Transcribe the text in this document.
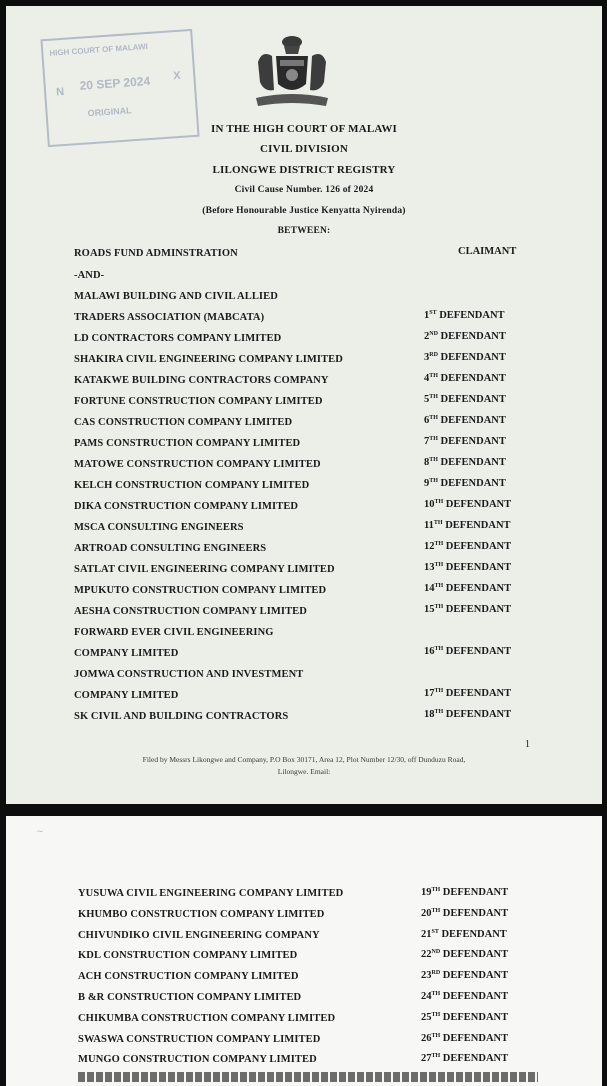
HIGH COURT OF MALAWI
N 20 SEP 2024 X
ORIGINAL
IN THE HIGH COURT OF MALAWI
CIVIL DIVISION
LILONGWE DISTRICT REGISTRY
Civil Cause Number. 126 of 2024
(Before Honourable Justice Kenyatta Nyirenda)
BETWEEN:
ROADS FUND ADMINSTRATION	CLAIMANT
-AND-
MALAWI BUILDING AND CIVIL ALLIED
TRADERS ASSOCIATION (MABCATA)	1ST DEFENDANT
LD CONTRACTORS COMPANY LIMITED	2ND DEFENDANT
SHAKIRA CIVIL ENGINEERING COMPANY LIMITED	3RD DEFENDANT
KATAKWE BUILDING CONTRACTORS COMPANY	4TH DEFENDANT
FORTUNE CONSTRUCTION COMPANY LIMITED	5TH DEFENDANT
CAS CONSTRUCTION COMPANY LIMITED	6TH DEFENDANT
PAMS CONSTRUCTION COMPANY LIMITED	7TH DEFENDANT
MATOWE CONSTRUCTION COMPANY LIMITED	8TH DEFENDANT
KELCH CONSTRUCTION COMPANY LIMITED	9TH DEFENDANT
DIKA CONSTRUCTION COMPANY LIMITED	10TH DEFENDANT
MSCA CONSULTING ENGINEERS	11TH DEFENDANT
ARTROAD CONSULTING ENGINEERS	12TH DEFENDANT
SATLAT CIVIL ENGINEERING COMPANY LIMITED	13TH DEFENDANT
MPUKUTO CONSTRUCTION COMPANY LIMITED	14TH DEFENDANT
AESHA CONSTRUCTION COMPANY LIMITED	15TH DEFENDANT
FORWARD EVER CIVIL ENGINEERING
COMPANY LIMITED	16TH DEFENDANT
JOMWA CONSTRUCTION AND INVESTMENT
COMPANY LIMITED	17TH DEFENDANT
SK CIVIL AND BUILDING CONTRACTORS	18TH DEFENDANT
1
Filed by Messrs Likongwe and Company, P.O Box 30171, Area 12, Plot Number 12/30, off Dunduzu Road,
Lilongwe. Email:
∼
YUSUWA CIVIL ENGINEERING COMPANY LIMITED	19TH DEFENDANT
KHUMBO CONSTRUCTION COMPANY LIMITED	20TH DEFENDANT
CHIVUNDIKO CIVIL ENGINEERING COMPANY	21ST DEFENDANT
KDL CONSTRUCTION COMPANY LIMITED	22ND DEFENDANT
ACH CONSTRUCTION COMPANY LIMITED	23RD DEFENDANT
B &R CONSTRUCTION COMPANY LIMITED	24TH DEFENDANT
CHIKUMBA CONSTRUCTION COMPANY LIMITED	25TH DEFENDANT
SWASWA CONSTRUCTION COMPANY LIMITED	26TH DEFENDANT
MUNGO CONSTRUCTION COMPANY LIMITED	27TH DEFENDANT
